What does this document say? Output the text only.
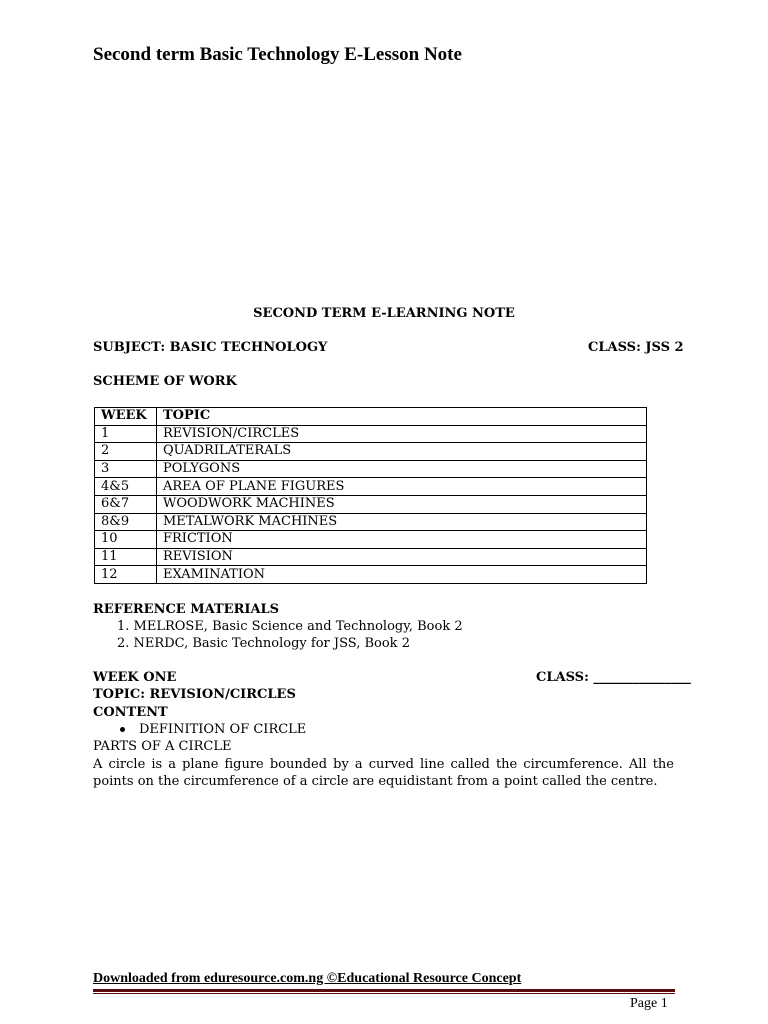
Second term Basic Technology E-Lesson Note
SECOND TERM E-LEARNING NOTE
SUBJECT: BASIC TECHNOLOGY	CLASS: JSS 2
SCHEME OF WORK
WEEK	TOPIC
1	REVISION/CIRCLES
2	QUADRILATERALS
3	POLYGONS
4&5	AREA OF PLANE FIGURES
6&7	WOODWORK MACHINES
8&9	METALWORK MACHINES
10	FRICTION
11	REVISION
12	EXAMINATION
REFERENCE MATERIALS
1. MELROSE, Basic Science and Technology, Book 2
2. NERDC, Basic Technology for JSS, Book 2
WEEK ONE	CLASS: _______________
TOPIC: REVISION/CIRCLES
CONTENT
DEFINITION OF CIRCLE
PARTS OF A CIRCLE
A circle is a plane figure bounded by a curved line called the circumference. All the points on the circumference of a circle are equidistant from a point called the centre.
Downloaded from eduresource.com.ng ©Educational Resource Concept
Page 1
